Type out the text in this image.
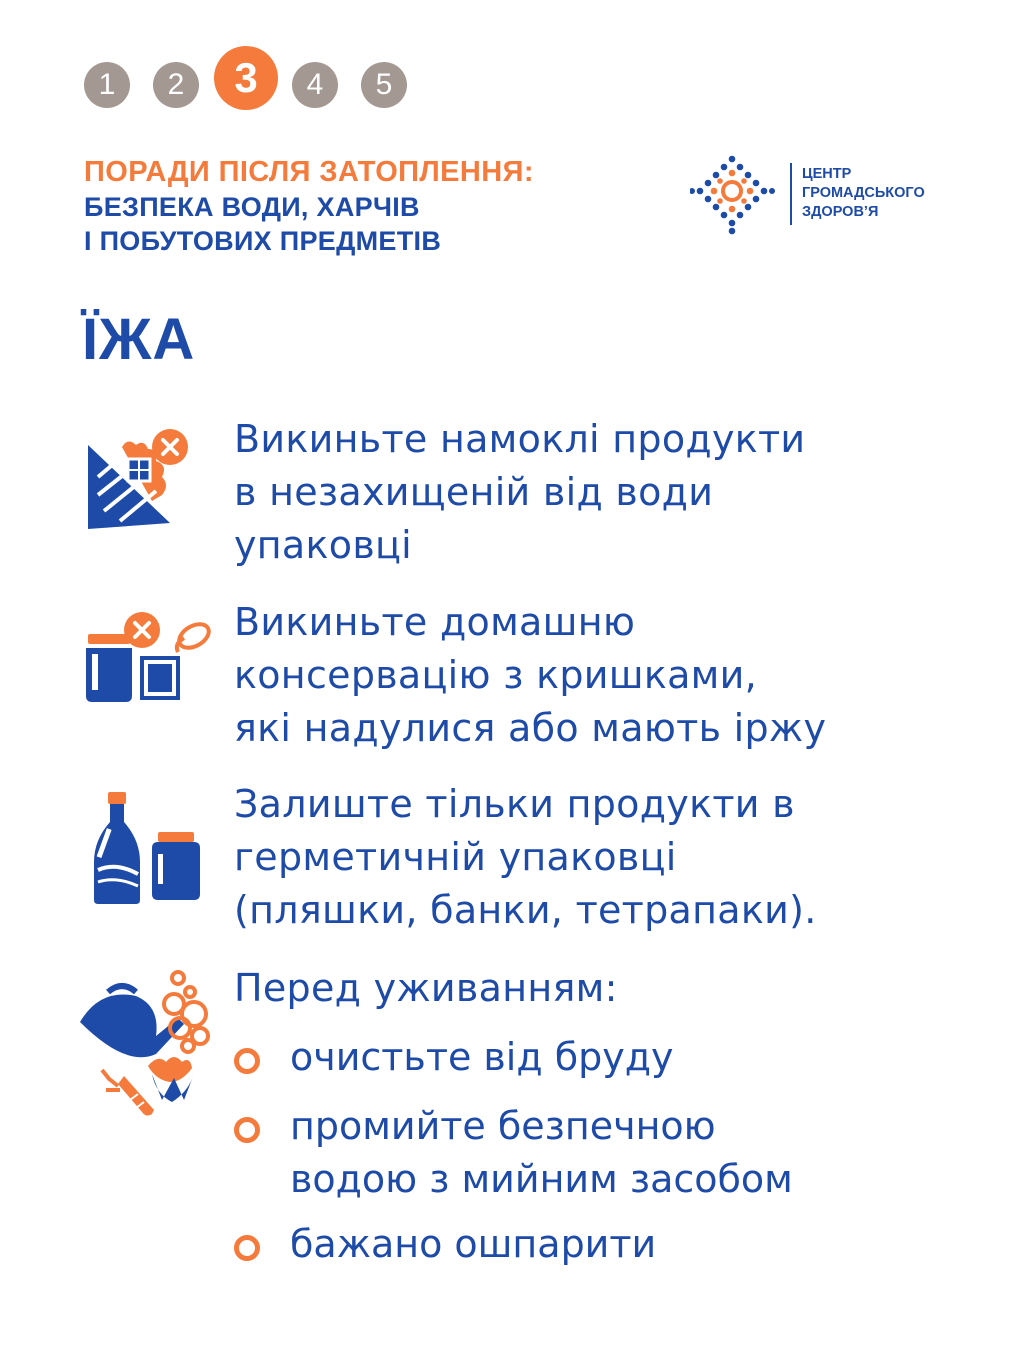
1 2 3 4 5
ПОРАДИ ПІСЛЯ ЗАТОПЛЕННЯ:
БЕЗПЕКА ВОДИ, ХАРЧІВ
І ПОБУТОВИХ ПРЕДМЕТІВ
ЦЕНТР
ГРОМАДСЬКОГО
ЗДОРОВ’Я
ЇЖА
Викиньте намоклі продукти
в незахищеній від води
упаковці
Викиньте домашню
консервацію з кришками,
які надулися або мають іржу
Залиште тільки продукти в
герметичній упаковці
(пляшки, банки, тетрапаки).
Перед уживанням:
очистьте від бруду
промийте безпечною
водою з мийним засобом
бажано ошпарити
